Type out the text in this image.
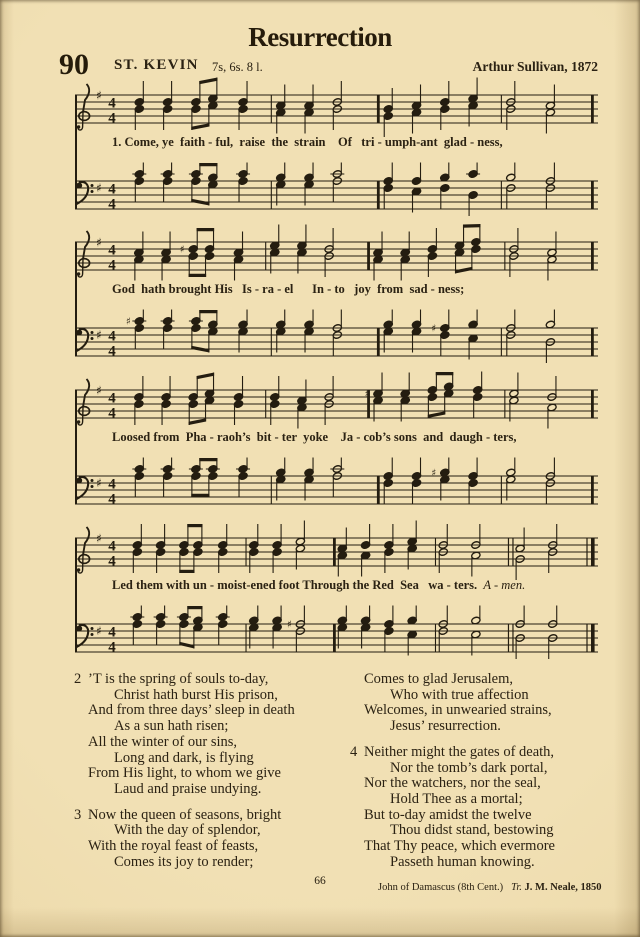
Resurrection
90 ST. KEVIN 7s, 6s. 8 l.	Arthur Sullivan, 1872
♯ 4
4
1. Come, ye  faith - ful,  raise  the  strain    Of   tri - umph-ant  glad - ness,
♯ 4
4
♯ 4
4
♯
God  hath brought His   Is - ra - el      In - to   joy  from  sad - ness;
♯ 4
4
♯
♯
♯ 4
4
♯
Loosed from  Pha - raoh’s  bit - ter  yoke    Ja - cob’s sons  and  daugh - ters,
♯ 4
4
♯
♯ 4
4
Led them with un - moist-ened foot Through the Red  Sea   wa - ters.  A - men.
♯ 4
4
♯
2 ’T is the spring of souls to-day,
Christ hath burst His prison,
And from three days’ sleep in death
As a sun hath risen;
All the winter of our sins,
Long and dark, is flying
From His light, to whom we give
Laud and praise undying.
3 Now the queen of seasons, bright
With the day of splendor,
With the royal feast of feasts,
Comes its joy to render;
Comes to glad Jerusalem,
Who with true affection
Welcomes, in unwearied strains,
Jesus’ resurrection.
4 Neither might the gates of death,
Nor the tomb’s dark portal,
Nor the watchers, nor the seal,
Hold Thee as a mortal;
But to-day amidst the twelve
Thou didst stand, bestowing
That Thy peace, which evermore
Passeth human knowing.
John of Damascus (8th Cent.) Tr. J. M. Neale, 1850
66
